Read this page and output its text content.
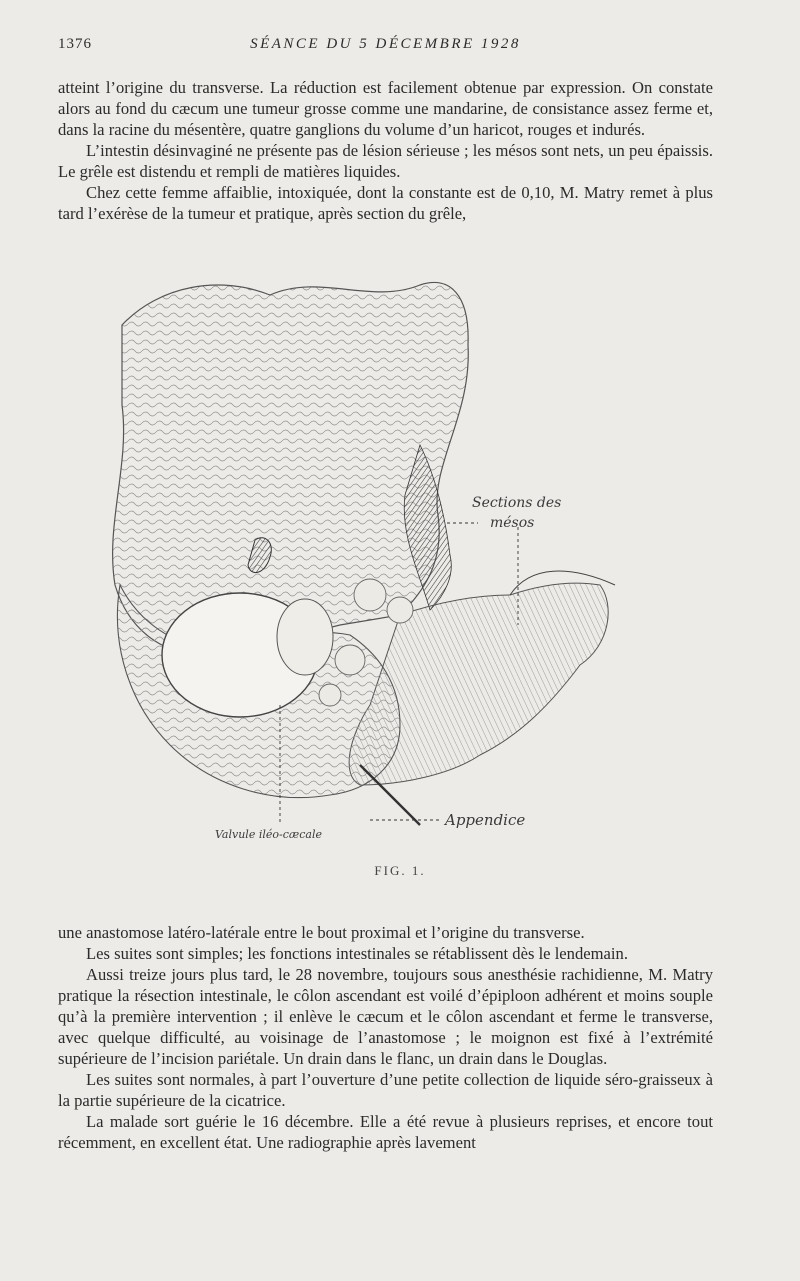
1376	SÉANCE DU 5 DÉCEMBRE 1928

atteint l’origine du transverse. La réduction est facilement obtenue par expression. On constate alors au fond du cæcum une tumeur grosse comme une mandarine, de consistance assez ferme et, dans la racine du mésentère, quatre ganglions du volume d’un haricot, rouges et indurés.

L’intestin désinvaginé ne présente pas de lésion sérieuse ; les mésos sont nets, un peu épaissis. Le grêle est distendu et rempli de matières liquides.

Chez cette femme affaiblie, intoxiquée, dont la constante est de 0,10, M. Matry remet à plus tard l’exérèse de la tumeur et pratique, après section du grêle,

Sections des
mésos
Valvule iléo-cæcale
Appendice
FIG. 1.

une anastomose latéro-latérale entre le bout proximal et l’origine du transverse.

Les suites sont simples; les fonctions intestinales se rétablissent dès le lendemain.

Aussi treize jours plus tard, le 28 novembre, toujours sous anesthésie rachidienne, M. Matry pratique la résection intestinale, le côlon ascendant est voilé d’épiploon adhérent et moins souple qu’à la première intervention ; il enlève le cæcum et le côlon ascendant et ferme le transverse, avec quelque difficulté, au voisinage de l’anastomose ; le moignon est fixé à l’extrémité supérieure de l’incision pariétale. Un drain dans le flanc, un drain dans le Douglas.

Les suites sont normales, à part l’ouverture d’une petite collection de liquide séro-graisseux à la partie supérieure de la cicatrice.

La malade sort guérie le 16 décembre. Elle a été revue à plusieurs reprises, et encore tout récemment, en excellent état. Une radiographie après lavement
